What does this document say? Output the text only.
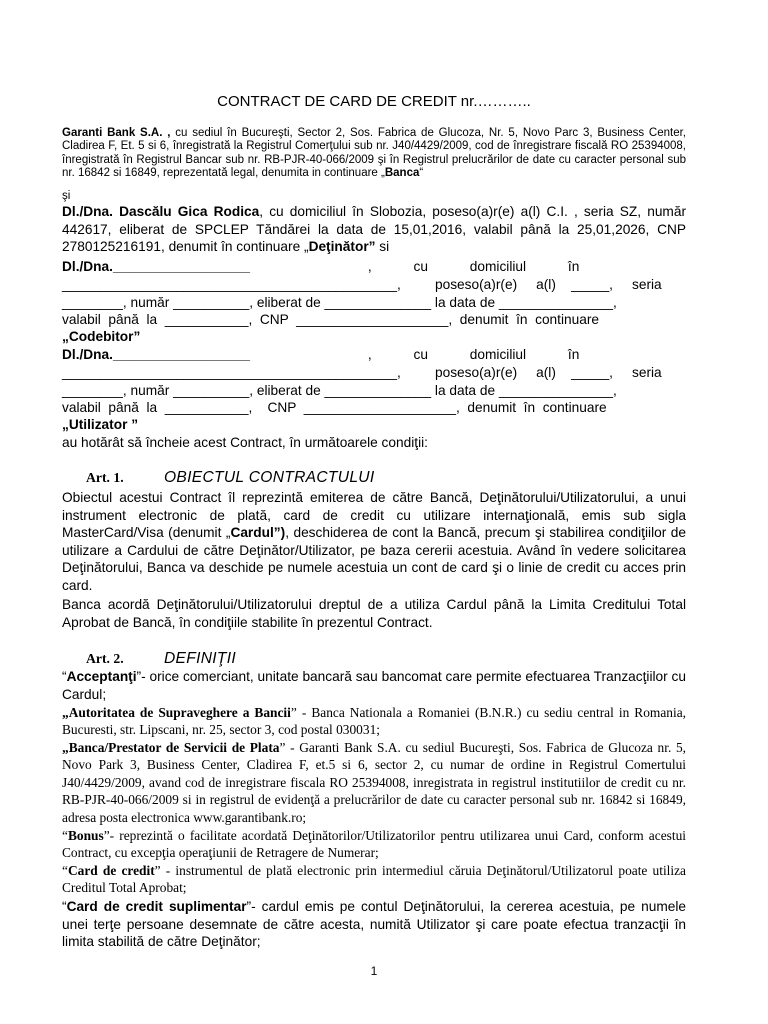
CONTRACT DE CARD DE CREDIT nr.………..

Garanti Bank S.A. , cu sediul în Bucureşti, Sector 2, Sos. Fabrica de Glucoza, Nr. 5, Novo Parc 3, Business Center, Cladirea F, Et. 5 si 6, înregistrată la Registrul Comerţului sub nr. J40/4429/2009, cod de înregistrare fiscală RO 25394008, înregistrată în Registrul Bancar sub nr. RB-PJR-40-066/2009 şi în Registrul prelucrărilor de date cu caracter personal sub nr. 16842 si 16849, reprezentată legal, denumita in continuare „Banca“

şi

Dl./Dna. Dascălu Gica Rodica, cu domiciliul în Slobozia, poseso(a)r(e) a(l) C.I. , seria SZ, număr 442617, eliberat de SPCLEP Tăndărei la data de 15,01,2016, valabil până la 25,01,2026, CNP 2780125216191, denumit în continuare „Deţinător” si

Dl./Dna.__________________                               ,           cu           domiciliul           în
____________________________________________,         poseso(a)r(e)     a(l)    _____,     seria
________, număr __________, eliberat de ______________ la data de _______________,
valabil  până  la  ___________,  CNP  ____________________,  denumit  în  continuare
„Codebitor”
Dl./Dna.__________________                               ,           cu           domiciliul           în
____________________________________________,         poseso(a)r(e)     a(l)    _____,     seria
________, număr __________, eliberat de ______________ la data de _______________,
valabil  până  la  ___________,    CNP  ____________________,  denumit  în  continuare
„Utilizator ”
au hotărât să încheie acest Contract, în următoarele condiţii:
Art. 1.	OBIECTUL CONTRACTULUI

Obiectul acestui Contract îl reprezintă emiterea de către Bancă, Deţinătorului/Utilizatorului, a unui instrument electronic de plată, card de credit cu utilizare internaţională, emis sub sigla MasterCard/Visa (denumit „Cardul”), deschiderea de cont la Bancă, precum şi stabilirea condiţiilor de utilizare a Cardului de către Deţinător/Utilizator, pe baza cererii acestuia. Având în vedere solicitarea Deţinătorului, Banca va deschide pe numele acestuia un cont de card şi o linie de credit cu acces prin card.

Banca acordă Deţinătorului/Utilizatorului dreptul de a utiliza Cardul până la Limita Creditului Total Aprobat de Bancă, în condiţiile stabilite în prezentul Contract.

Art. 2.	DEFINIŢII

“Acceptanţi”- orice comerciant, unitate bancară sau bancomat care permite efectuarea Tranzacţiilor cu Cardul;

„Autoritatea de Supraveghere a Bancii” - Banca Nationala a Romaniei (B.N.R.) cu sediu central in Romania, Bucuresti, str. Lipscani, nr. 25, sector 3, cod postal 030031;

„Banca/Prestator de Servicii de Plata” - Garanti Bank S.A. cu sediul Bucureşti, Sos. Fabrica de Glucoza nr. 5, Novo Park 3, Business Center, Cladirea F, et.5 si 6, sector 2, cu numar de ordine in Registrul Comertului J40/4429/2009, avand cod de inregistrare fiscala RO 25394008, inregistrata in registrul institutiilor de credit cu nr. RB-PJR-40-066/2009 si in registrul de evidenţă a prelucrărilor de date cu caracter personal sub nr. 16842 si 16849, adresa posta electronica www.garantibank.ro;

“Bonus”- reprezintă o facilitate acordată Deţinătorilor/Utilizatorilor pentru utilizarea unui Card, conform acestui Contract, cu excepţia operaţiunii de Retragere de Numerar;

“Card de credit” - instrumentul de plată electronic prin intermediul căruia Deţinătorul/Utilizatorul poate utiliza Creditul Total Aprobat;

“Card de credit suplimentar”- cardul emis pe contul Deţinătorului, la cererea acestuia, pe numele unei terţe persoane desemnate de către acesta, numită Utilizator şi care poate efectua tranzacţii în limita stabilită de către Deţinător;

1
